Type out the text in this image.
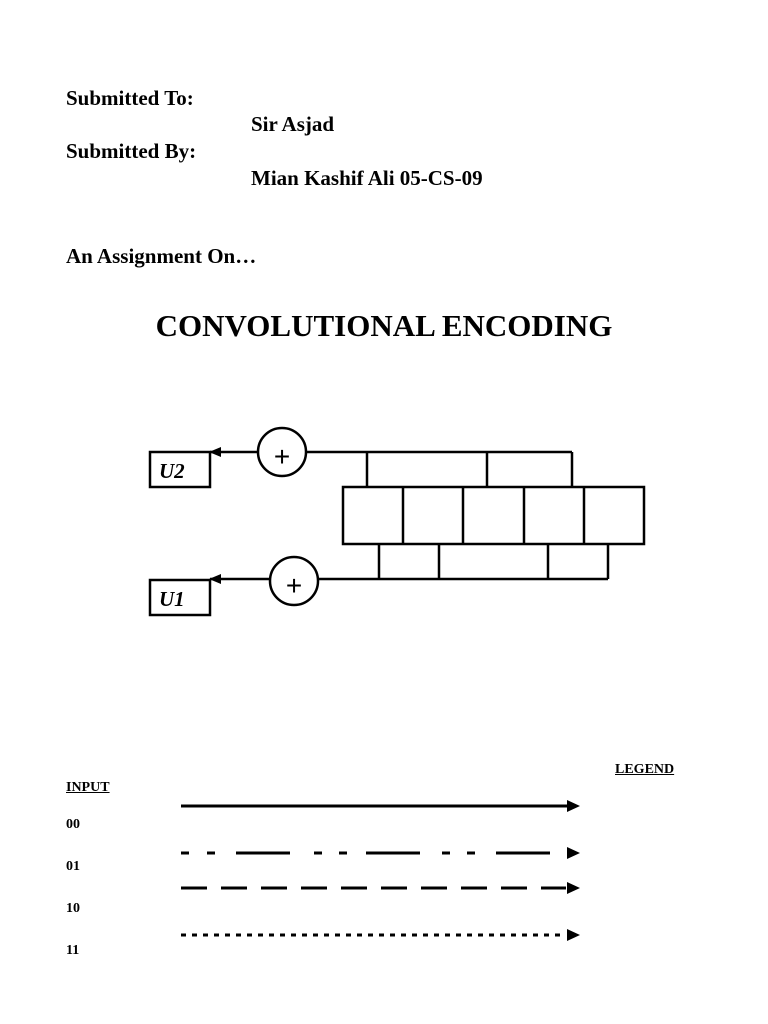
Submitted To:
Sir Asjad
Submitted By:
Mian Kashif Ali 05-CS-09
An Assignment On…
CONVOLUTIONAL ENCODING
+
+
U2
U1
LEGEND
INPUT
00
01
10
11
